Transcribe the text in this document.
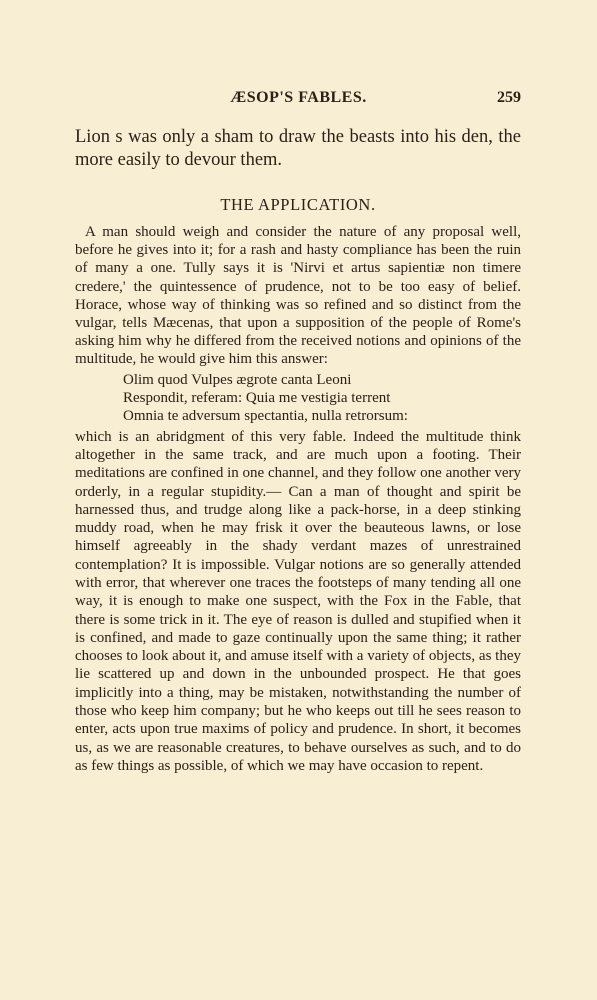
ÆSOP'S FABLES.	259

Lion s was only a sham to draw the beasts into his den, the more easily to devour them.

THE APPLICATION.

A man should weigh and consider the nature of any proposal well, before he gives into it; for a rash and hasty compliance has been the ruin of many a one. Tully says it is 'Nirvi et artus sapientiæ non timere credere,' the quintessence of prudence, not to be too easy of belief. Horace, whose way of thinking was so refined and so distinct from the vulgar, tells Mæcenas, that upon a supposition of the people of Rome's asking him why he differed from the received notions and opinions of the multitude, he would give him this answer:

Olim quod Vulpes ægrote canta Leoni
Respondit, referam: Quia me vestigia terrent
Omnia te adversum spectantia, nulla retrorsum:

which is an abridgment of this very fable. Indeed the multitude think altogether in the same track, and are much upon a footing. Their meditations are confined in one channel, and they follow one another very orderly, in a regular stupidity.— Can a man of thought and spirit be harnessed thus, and trudge along like a pack-horse, in a deep stinking muddy road, when he may frisk it over the beauteous lawns, or lose himself agreeably in the shady verdant mazes of unrestrained contemplation? It is impossible. Vulgar notions are so generally attended with error, that wherever one traces the footsteps of many tending all one way, it is enough to make one suspect, with the Fox in the Fable, that there is some trick in it. The eye of reason is dulled and stupified when it is confined, and made to gaze continually upon the same thing; it rather chooses to look about it, and amuse itself with a variety of objects, as they lie scattered up and down in the unbounded prospect. He that goes implicitly into a thing, may be mistaken, notwithstanding the number of those who keep him company; but he who keeps out till he sees reason to enter, acts upon true maxims of policy and prudence. In short, it becomes us, as we are reasonable creatures, to behave ourselves as such, and to do as few things as possible, of which we may have occasion to repent.
